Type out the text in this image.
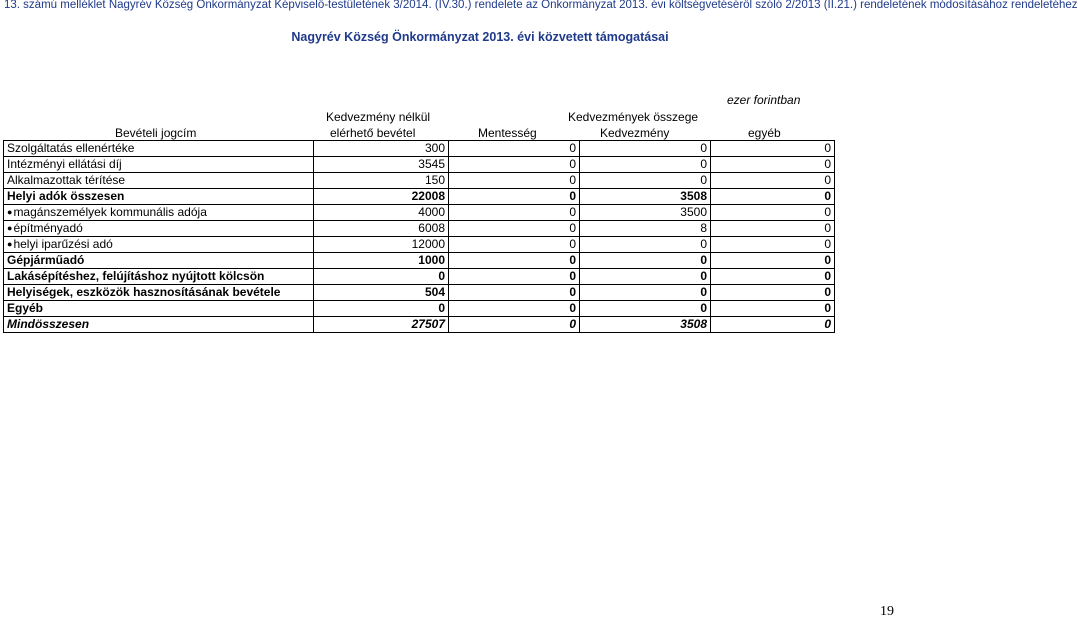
13. számú melléklet Nagyrév Község Önkormányzat Képviselő-testületének 3/2014. (IV.30.) rendelete az Önkormányzat 2013. évi költségvetéséről szóló 2/2013 (II.21.) rendeletének módosításához rendeletéhez
Nagyrév Község Önkormányzat 2013. évi közvetett támogatásai
ezer forintban
Kedvezmény nélkül	Kedvezmények összege
Bevételi jogcím	elérhető bevétel	Mentesség	Kedvezmény	egyéb
Szolgáltatás ellenértéke	300	0	0	0
Intézményi ellátási díj	3545	0	0	0
Alkalmazottak térítése	150	0	0	0
Helyi adók összesen	22008	0	3508	0
●magánszemélyek kommunális adója	4000	0	3500	0
●építményadó	6008	0	8	0
●helyi iparűzési adó	12000	0	0	0
Gépjárműadó	1000	0	0	0
Lakásépítéshez, felújításhoz nyújtott kölcsön	0	0	0	0
Helyiségek, eszközök hasznosításának bevétele	504	0	0	0
Egyéb	0	0	0	0
Mindösszesen	27507	0	3508	0
19
